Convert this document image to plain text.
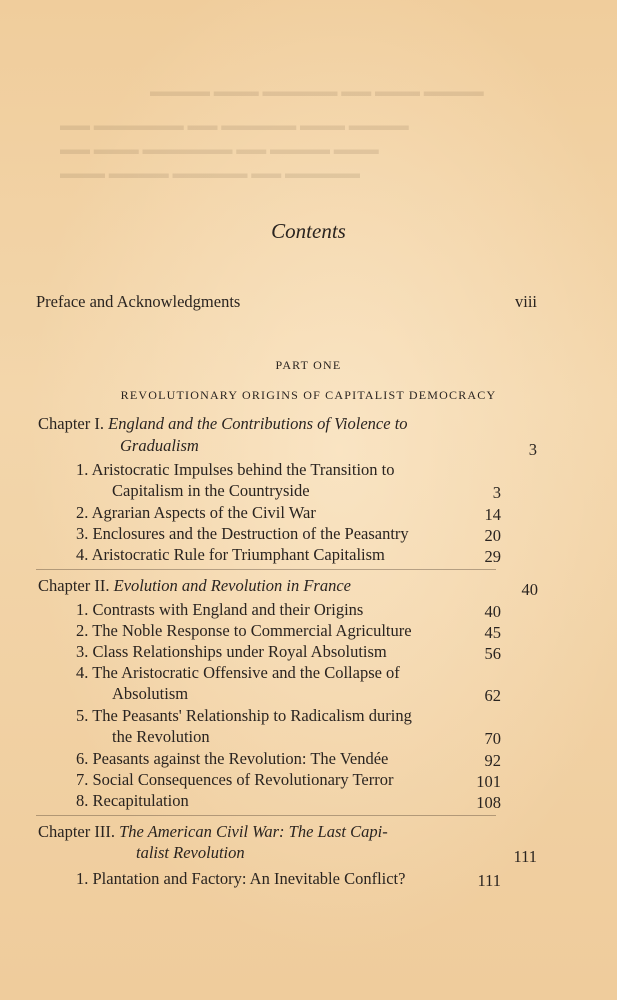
▬▬▬▬ ▬▬▬ ▬▬ ▬▬▬▬▬ ▬▬▬ ▬▬▬▬
▬▬▬▬ ▬▬▬ ▬▬▬▬▬ ▬▬ ▬▬▬▬▬▬ ▬▬
▬▬▬ ▬▬▬▬ ▬▬ ▬▬▬▬▬▬ ▬▬▬ ▬▬
▬▬▬▬▬ ▬▬ ▬▬▬▬▬ ▬▬▬▬ ▬▬▬
Contents
Preface and Acknowledgments	viii
PART ONE
REVOLUTIONARY ORIGINS OF CAPITALIST DEMOCRACY
Chapter I. England and the Contributions of Violence to
Gradualism	3
1. Aristocratic Impulses behind the Transition to
Capitalism in the Countryside	3
2. Agrarian Aspects of the Civil War	14
3. Enclosures and the Destruction of the Peasantry	20
4. Aristocratic Rule for Triumphant Capitalism	29
Chapter II. Evolution and Revolution in France	40
1. Contrasts with England and their Origins	40
2. The Noble Response to Commercial Agriculture	45
3. Class Relationships under Royal Absolutism	56
4. The Aristocratic Offensive and the Collapse of
Absolutism	62
5. The Peasants' Relationship to Radicalism during
the Revolution	70
6. Peasants against the Revolution: The Vendée	92
7. Social Consequences of Revolutionary Terror	101
8. Recapitulation	108
Chapter III. The American Civil War: The Last Capi-
talist Revolution	111
1. Plantation and Factory: An Inevitable Conflict?	111
